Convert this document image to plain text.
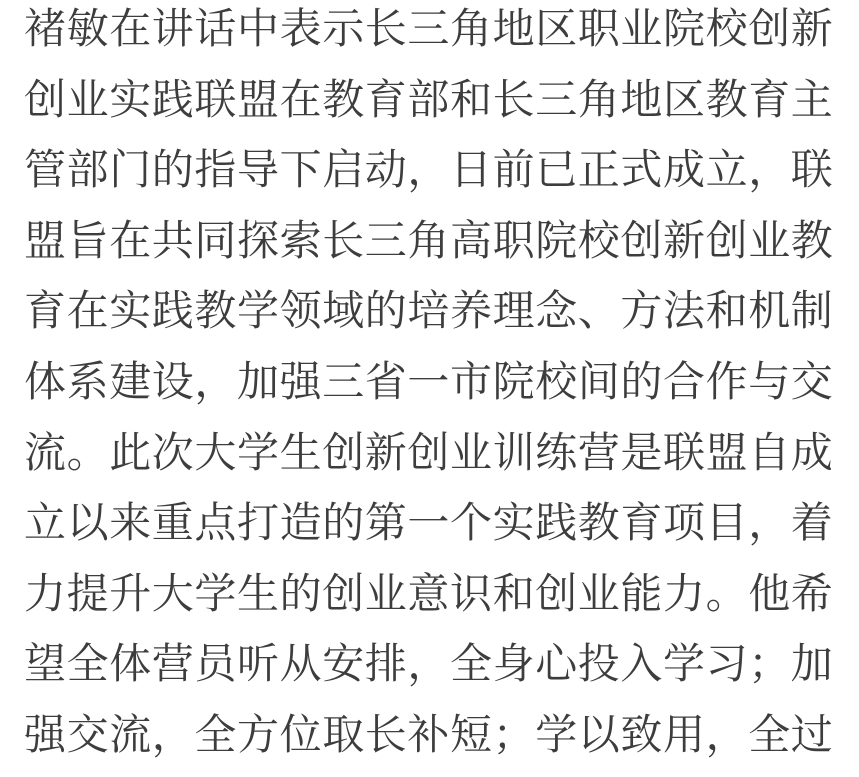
褚敏在讲话中表示长三角地区职业院校创新
创业实践联盟在教育部和长三角地区教育主
管部门的指导下启动，日前已正式成立，联
盟旨在共同探索长三角高职院校创新创业教
育在实践教学领域的培养理念、方法和机制
体系建设，加强三省一市院校间的合作与交
流。此次大学生创新创业训练营是联盟自成
立以来重点打造的第一个实践教育项目，着
力提升大学生的创业意识和创业能力。他希
望全体营员听从安排，全身心投入学习；加
强交流，全方位取长补短；学以致用，全过
